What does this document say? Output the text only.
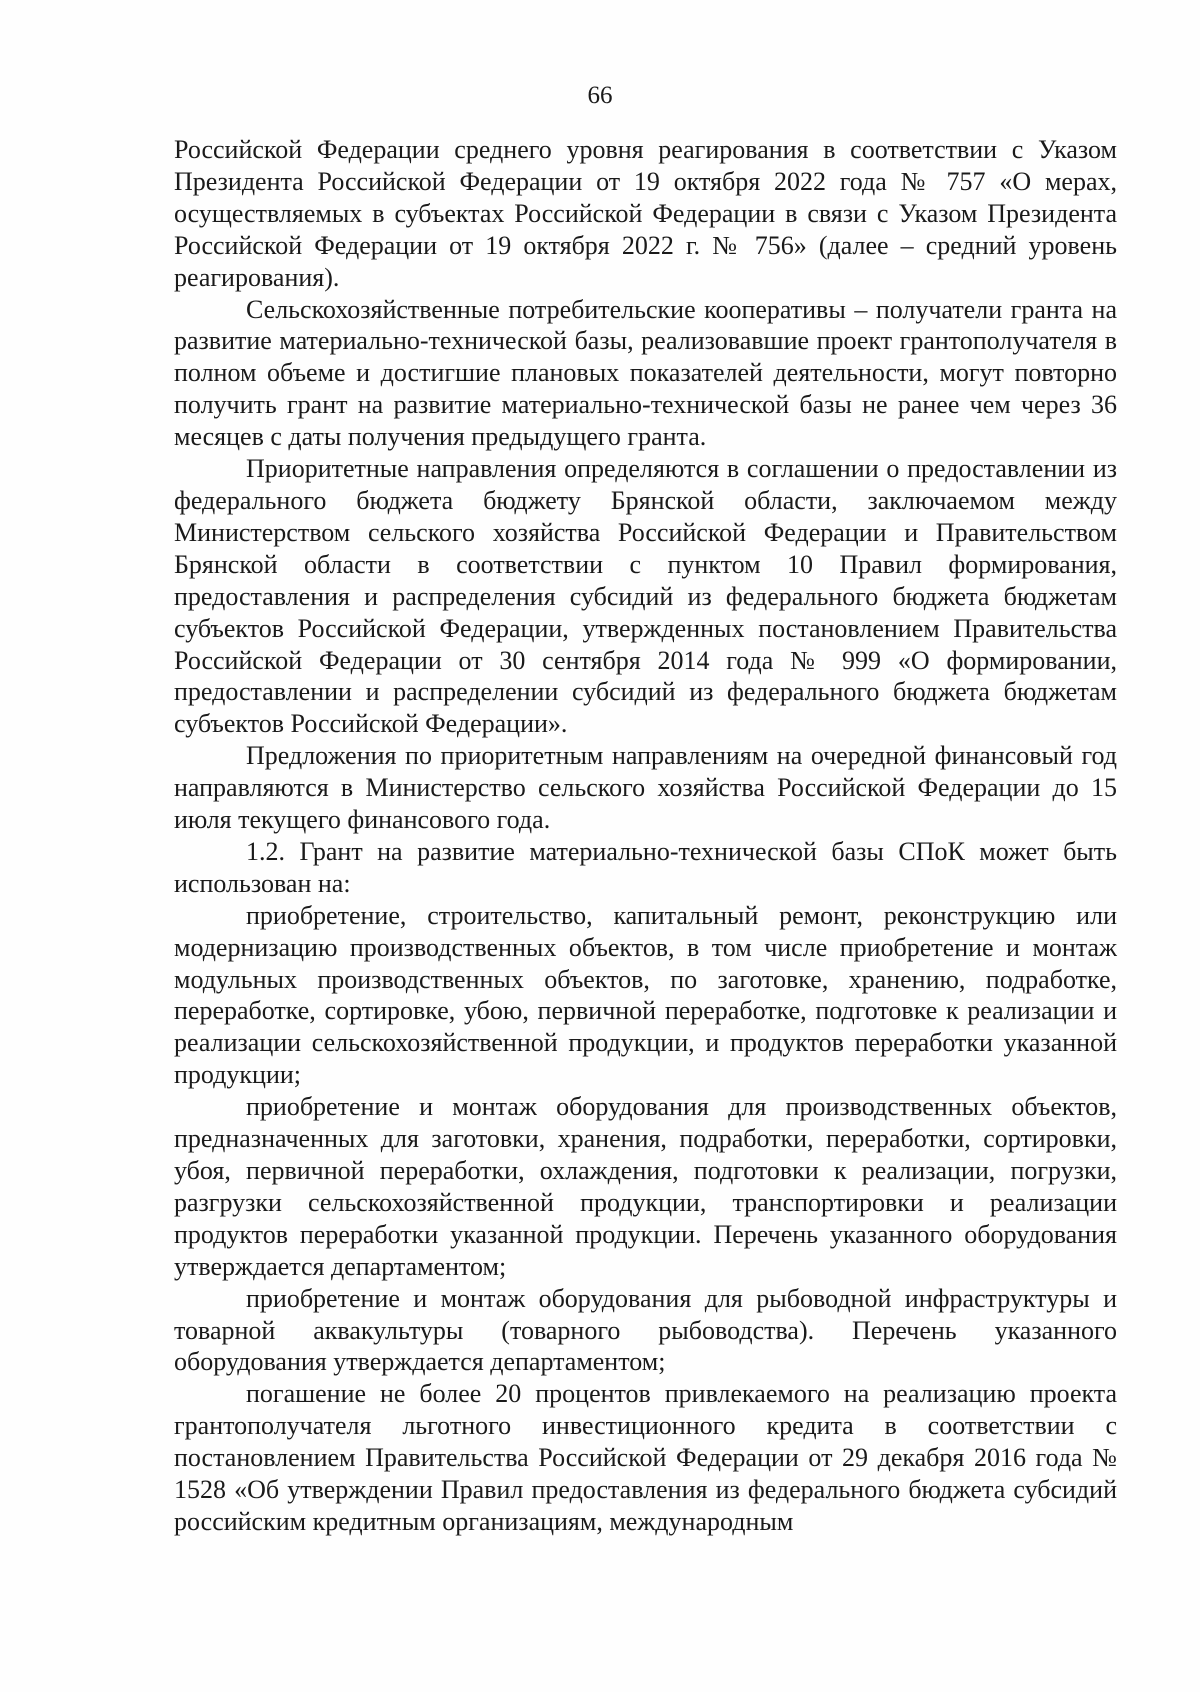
66

Российской Федерации среднего уровня реагирования в соответствии с Указом Президента Российской Федерации от 19 октября 2022 года № 757 «О мерах, осуществляемых в субъектах Российской Федерации в связи с Указом Президента Российской Федерации от 19 октября 2022 г. № 756» (далее – средний уровень реагирования).

Сельскохозяйственные потребительские кооперативы – получатели гранта на развитие материально-технической базы, реализовавшие проект грантополучателя в полном объеме и достигшие плановых показателей деятельности, могут повторно получить грант на развитие материально-технической базы не ранее чем через 36 месяцев с даты получения предыдущего гранта.

Приоритетные направления определяются в соглашении о предоставлении из федерального бюджета бюджету Брянской области, заключаемом между Министерством сельского хозяйства Российской Федерации и Правительством Брянской области в соответствии с пунктом 10 Правил формирования, предоставления и распределения субсидий из федерального бюджета бюджетам субъектов Российской Федерации, утвержденных постановлением Правительства Российской Федерации от 30 сентября 2014 года № 999 «О формировании, предоставлении и распределении субсидий из федерального бюджета бюджетам субъектов Российской Федерации».

Предложения по приоритетным направлениям на очередной финансовый год направляются в Министерство сельского хозяйства Российской Федерации до 15 июля текущего финансового года.

1.2. Грант на развитие материально-технической базы СПоК может быть использован на:

приобретение, строительство, капитальный ремонт, реконструкцию или модернизацию производственных объектов, в том числе приобретение и монтаж модульных производственных объектов, по заготовке, хранению, подработке, переработке, сортировке, убою, первичной переработке, подготовке к реализации и реализации сельскохозяйственной продукции, и продуктов переработки указанной продукции;

приобретение и монтаж оборудования для производственных объектов, предназначенных для заготовки, хранения, подработки, переработки, сортировки, убоя, первичной переработки, охлаждения, подготовки к реализации, погрузки, разгрузки сельскохозяйственной продукции, транспортировки и реализации продуктов переработки указанной продукции. Перечень указанного оборудования утверждается департаментом;

приобретение и монтаж оборудования для рыбоводной инфраструктуры и товарной аквакультуры (товарного рыбоводства). Перечень указанного оборудования утверждается департаментом;

погашение не более 20 процентов привлекаемого на реализацию проекта грантополучателя льготного инвестиционного кредита в соответствии с постановлением Правительства Российской Федерации от 29 декабря 2016 года № 1528 «Об утверждении Правил предоставления из федерального бюджета субсидий российским кредитным организациям, международным
